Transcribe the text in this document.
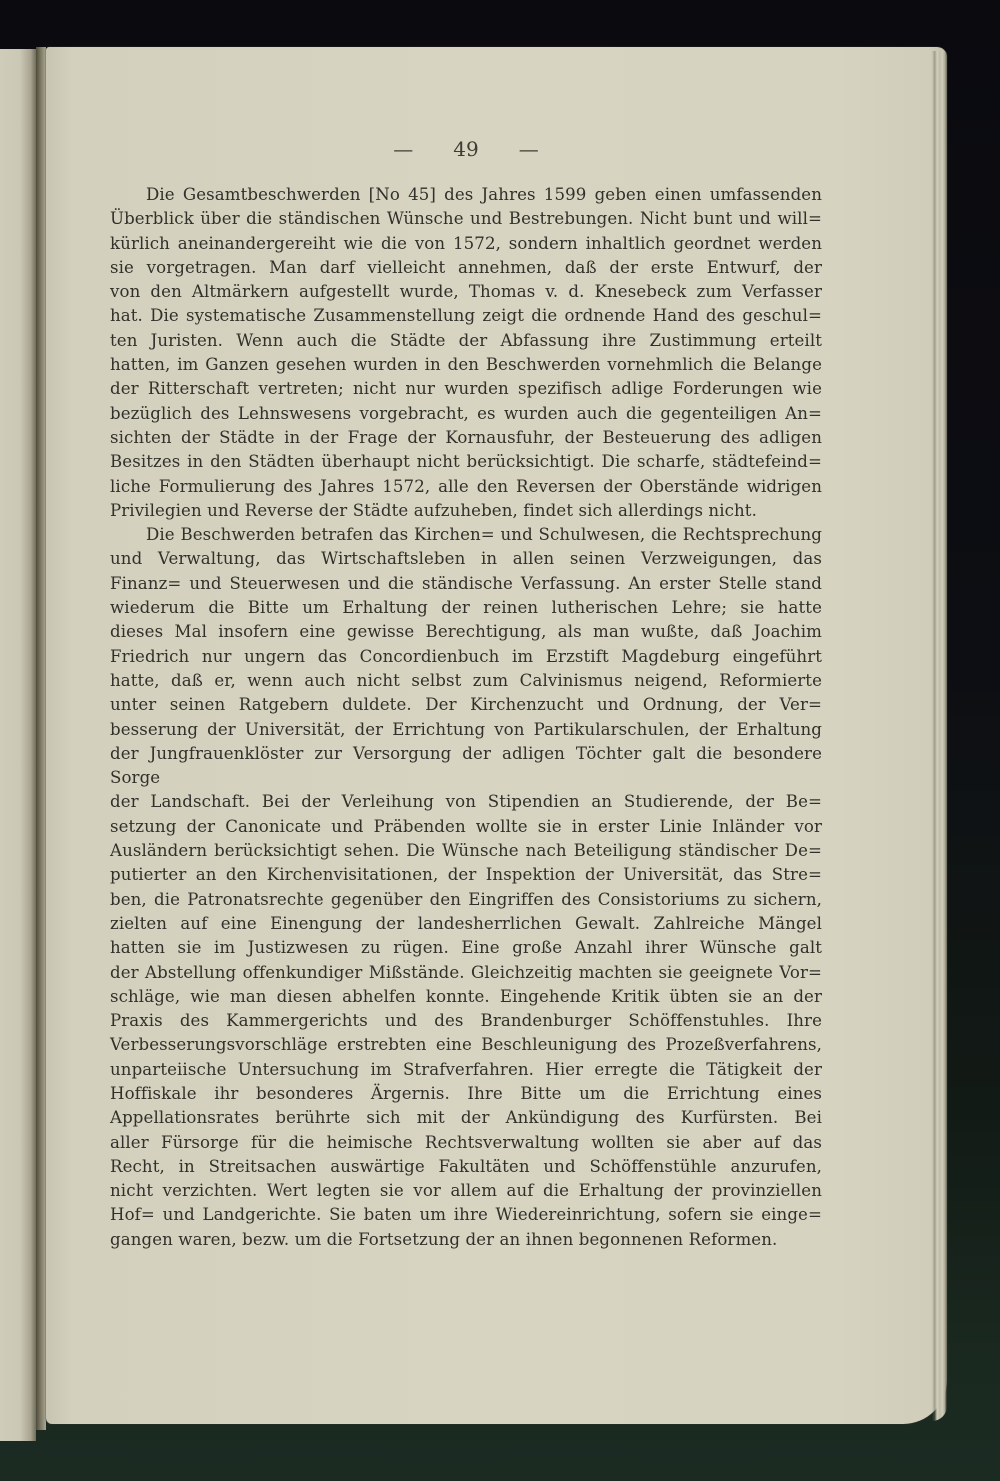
— 49 —
Die Gesamtbeschwerden [No 45] des Jahres 1599 geben einen umfassenden
Überblick über die ständischen Wünsche und Bestrebungen. Nicht bunt und will=
kürlich aneinandergereiht wie die von 1572, sondern inhaltlich geordnet werden
sie vorgetragen. Man darf vielleicht annehmen, daß der erste Entwurf, der
von den Altmärkern aufgestellt wurde, Thomas v. d. Knesebeck zum Verfasser
hat. Die systematische Zusammenstellung zeigt die ordnende Hand des geschul=
ten Juristen. Wenn auch die Städte der Abfassung ihre Zustimmung erteilt
hatten, im Ganzen gesehen wurden in den Beschwerden vornehmlich die Belange
der Ritterschaft vertreten; nicht nur wurden spezifisch adlige Forderungen wie
bezüglich des Lehnswesens vorgebracht, es wurden auch die gegenteiligen An=
sichten der Städte in der Frage der Kornausfuhr, der Besteuerung des adligen
Besitzes in den Städten überhaupt nicht berücksichtigt. Die scharfe, städtefeind=
liche Formulierung des Jahres 1572, alle den Reversen der Oberstände widrigen
Privilegien und Reverse der Städte aufzuheben, findet sich allerdings nicht.
Die Beschwerden betrafen das Kirchen= und Schulwesen, die Rechtsprechung
und Verwaltung, das Wirtschaftsleben in allen seinen Verzweigungen, das
Finanz= und Steuerwesen und die ständische Verfassung. An erster Stelle stand
wiederum die Bitte um Erhaltung der reinen lutherischen Lehre; sie hatte
dieses Mal insofern eine gewisse Berechtigung, als man wußte, daß Joachim
Friedrich nur ungern das Concordienbuch im Erzstift Magdeburg eingeführt
hatte, daß er, wenn auch nicht selbst zum Calvinismus neigend, Reformierte
unter seinen Ratgebern duldete. Der Kirchenzucht und Ordnung, der Ver=
besserung der Universität, der Errichtung von Partikularschulen, der Erhaltung
der Jungfrauenklöster zur Versorgung der adligen Töchter galt die besondere Sorge
der Landschaft. Bei der Verleihung von Stipendien an Studierende, der Be=
setzung der Canonicate und Präbenden wollte sie in erster Linie Inländer vor
Ausländern berücksichtigt sehen. Die Wünsche nach Beteiligung ständischer De=
putierter an den Kirchenvisitationen, der Inspektion der Universität, das Stre=
ben, die Patronatsrechte gegenüber den Eingriffen des Consistoriums zu sichern,
zielten auf eine Einengung der landesherrlichen Gewalt. Zahlreiche Mängel
hatten sie im Justizwesen zu rügen. Eine große Anzahl ihrer Wünsche galt
der Abstellung offenkundiger Mißstände. Gleichzeitig machten sie geeignete Vor=
schläge, wie man diesen abhelfen konnte. Eingehende Kritik übten sie an der
Praxis des Kammergerichts und des Brandenburger Schöffenstuhles. Ihre
Verbesserungsvorschläge erstrebten eine Beschleunigung des Prozeßverfahrens,
unparteiische Untersuchung im Strafverfahren. Hier erregte die Tätigkeit der
Hoffiskale ihr besonderes Ärgernis. Ihre Bitte um die Errichtung eines
Appellationsrates berührte sich mit der Ankündigung des Kurfürsten. Bei
aller Fürsorge für die heimische Rechtsverwaltung wollten sie aber auf das
Recht, in Streitsachen auswärtige Fakultäten und Schöffenstühle anzurufen,
nicht verzichten. Wert legten sie vor allem auf die Erhaltung der provinziellen
Hof= und Landgerichte. Sie baten um ihre Wiedereinrichtung, sofern sie einge=
gangen waren, bezw. um die Fortsetzung der an ihnen begonnenen Reformen.
